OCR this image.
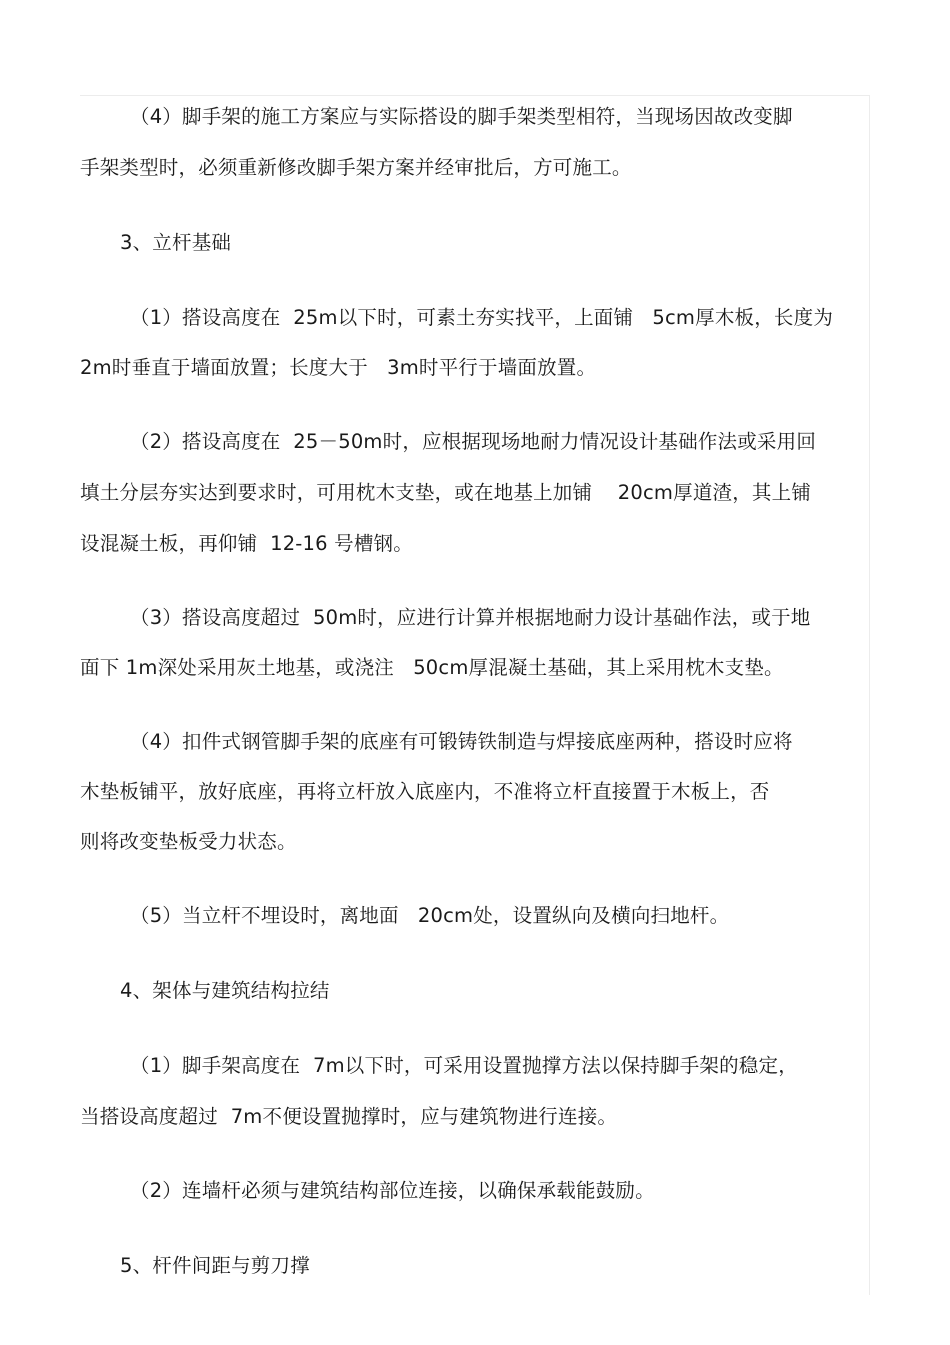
（4）脚手架的施工方案应与实际搭设的脚手架类型相符，当现场因故改变脚
手架类型时，必须重新修改脚手架方案并经审批后，方可施工。
3、立杆基础
（1）搭设高度在  25m以下时，可素土夯实找平，上面铺   5cm厚木板，长度为
2m时垂直于墙面放置；长度大于   3m时平行于墙面放置。
（2）搭设高度在  25－50m时，应根据现场地耐力情况设计基础作法或采用回
填土分层夯实达到要求时，可用枕木支垫，或在地基上加铺    20cm厚道渣，其上铺
设混凝土板，再仰铺  12-16 号槽钢。
（3）搭设高度超过  50m时，应进行计算并根据地耐力设计基础作法，或于地
面下 1m深处采用灰土地基，或浇注   50cm厚混凝土基础，其上采用枕木支垫。
（4）扣件式钢管脚手架的底座有可锻铸铁制造与焊接底座两种，搭设时应将
木垫板铺平，放好底座，再将立杆放入底座内，不准将立杆直接置于木板上，否
则将改变垫板受力状态。
（5）当立杆不埋设时，离地面   20cm处，设置纵向及横向扫地杆。
4、架体与建筑结构拉结
（1）脚手架高度在  7m以下时，可采用设置抛撑方法以保持脚手架的稳定，
当搭设高度超过  7m不便设置抛撑时，应与建筑物进行连接。
（2）连墙杆必须与建筑结构部位连接，以确保承载能鼓励。
5、杆件间距与剪刀撑
